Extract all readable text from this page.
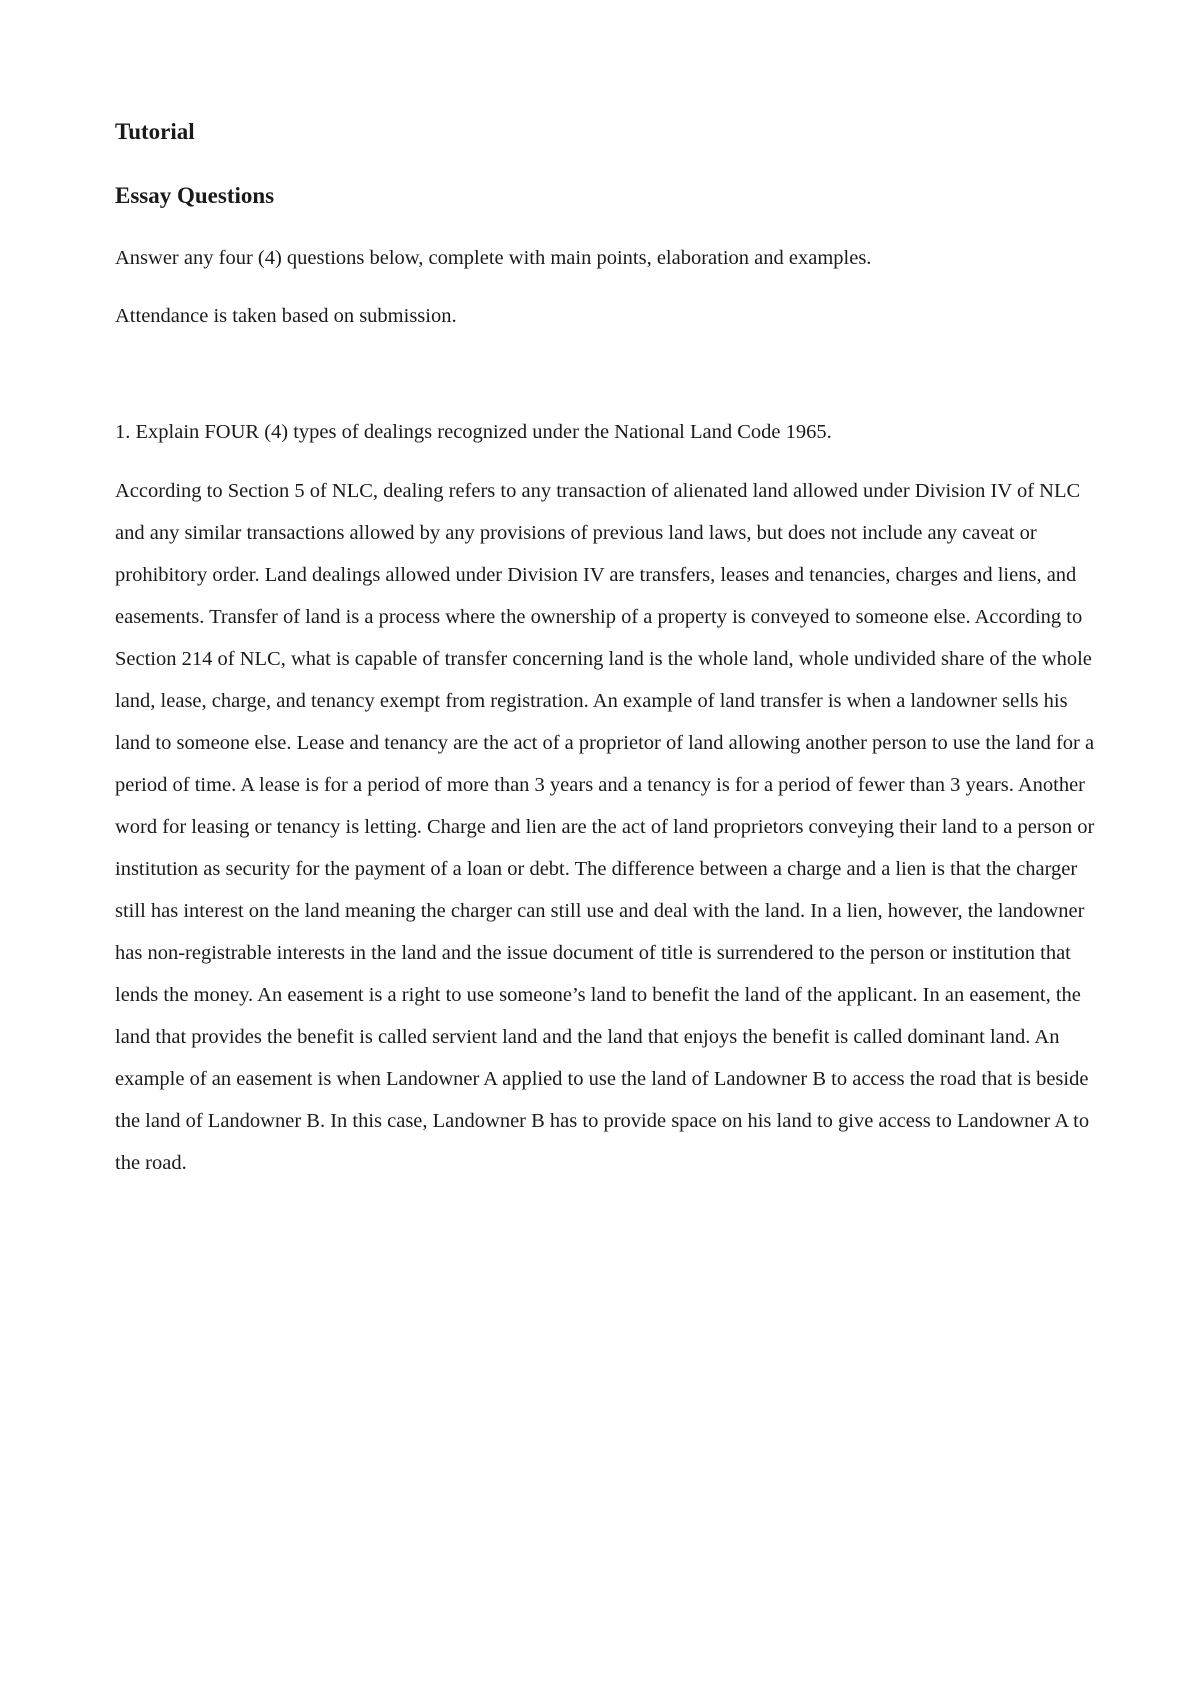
Tutorial
Essay Questions

Answer any four (4) questions below, complete with main points, elaboration and examples.

Attendance is taken based on submission.

1. Explain FOUR (4) types of dealings recognized under the National Land Code 1965.

According to Section 5 of NLC, dealing refers to any transaction of alienated land allowed under Division IV of NLC and any similar transactions allowed by any provisions of previous land laws, but does not include any caveat or prohibitory order. Land dealings allowed under Division IV are transfers, leases and tenancies, charges and liens, and easements. Transfer of land is a process where the ownership of a property is conveyed to someone else. According to Section 214 of NLC, what is capable of transfer concerning land is the whole land, whole undivided share of the whole land, lease, charge, and tenancy exempt from registration. An example of land transfer is when a landowner sells his land to someone else. Lease and tenancy are the act of a proprietor of land allowing another person to use the land for a period of time. A lease is for a period of more than 3 years and a tenancy is for a period of fewer than 3 years. Another word for leasing or tenancy is letting. Charge and lien are the act of land proprietors conveying their land to a person or institution as security for the payment of a loan or debt. The difference between a charge and a lien is that the charger still has interest on the land meaning the charger can still use and deal with the land. In a lien, however, the landowner has non-registrable interests in the land and the issue document of title is surrendered to the person or institution that lends the money. An easement is a right to use someone’s land to benefit the land of the applicant. In an easement, the land that provides the benefit is called servient land and the land that enjoys the benefit is called dominant land. An example of an easement is when Landowner A applied to use the land of Landowner B to access the road that is beside the land of Landowner B. In this case, Landowner B has to provide space on his land to give access to Landowner A to the road.
